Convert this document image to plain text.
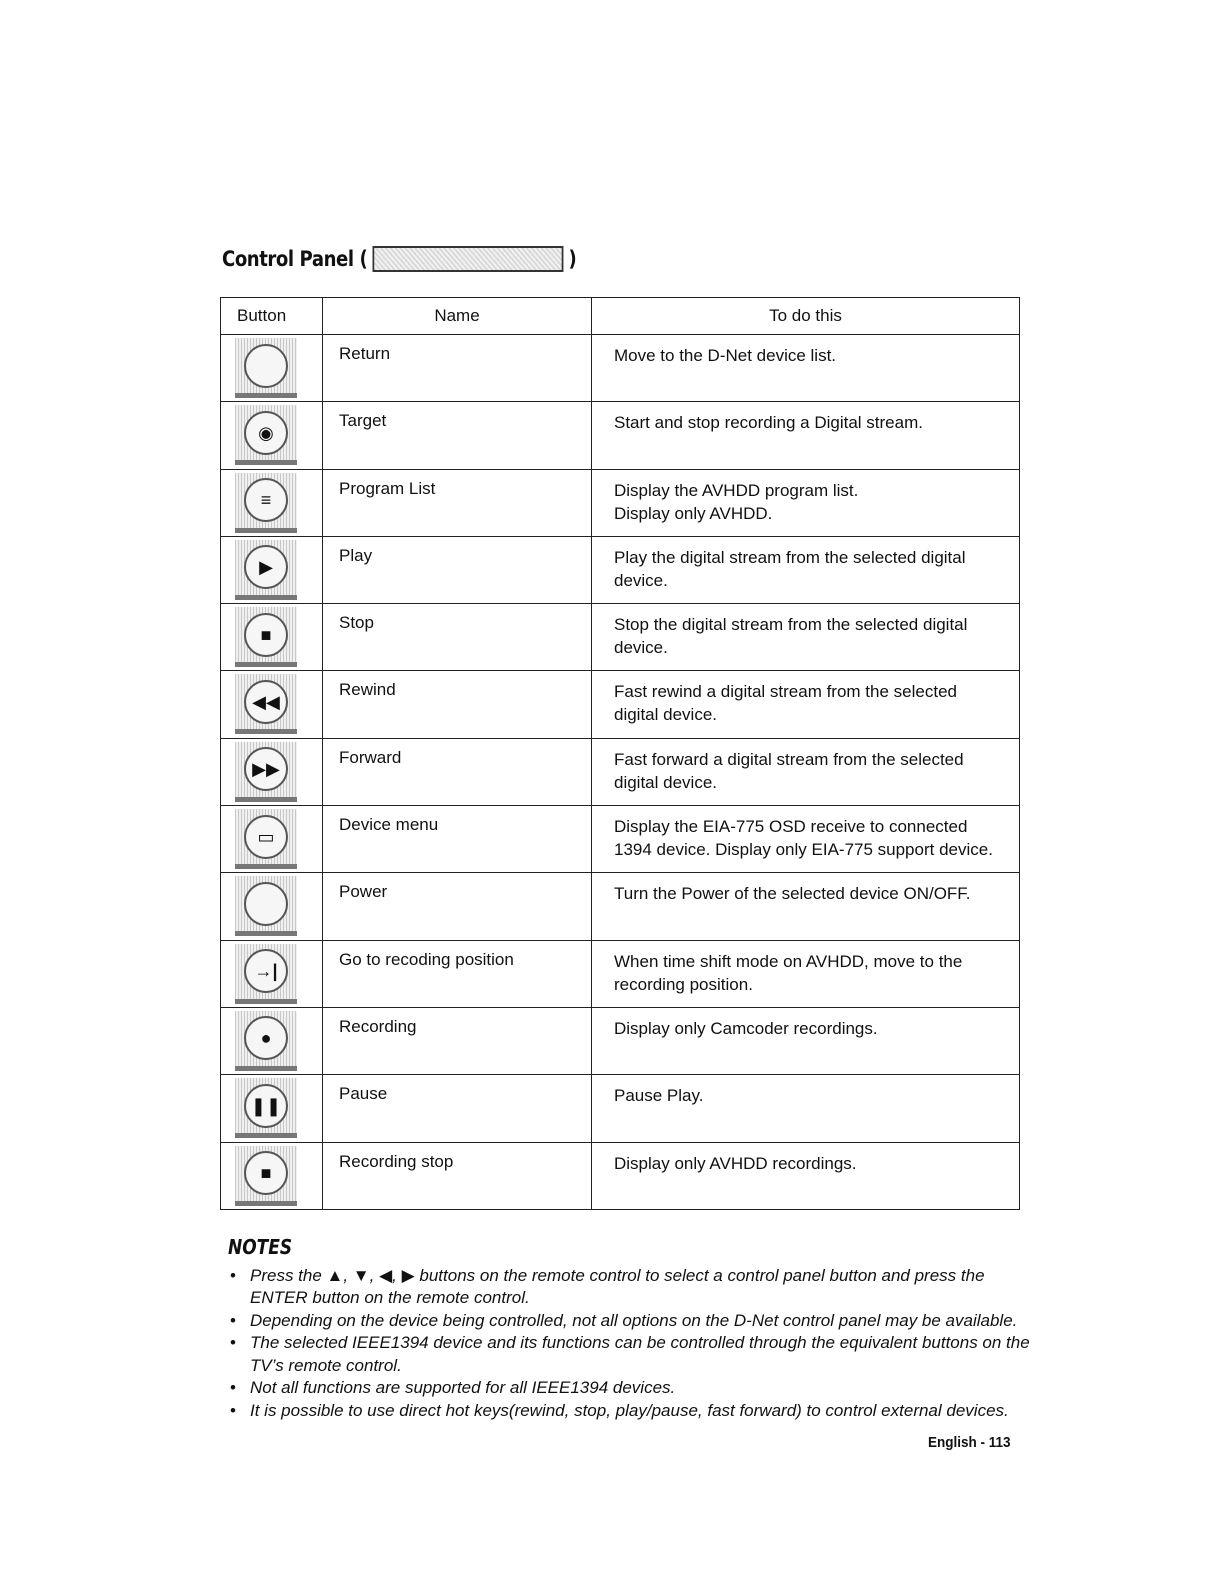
Control Panel (	)
Button	Name	To do this

	Return	Move to the D-Net device list.

◉	Target	Start and stop recording a Digital stream.

≡	Program List	Display the AVHDD program list.
Display only AVHDD.

▶	Play	Play the digital stream from the selected digital
device.

■	Stop	Stop the digital stream from the selected digital
device.

◀◀	Rewind	Fast rewind a digital stream from the selected
digital device.

▶▶	Forward	Fast forward a digital stream from the selected
digital device.

▭	Device menu	Display the EIA-775 OSD receive to connected
1394 device. Display only EIA-775 support device.

	Power	Turn the Power of the selected device ON/OFF.

→|	Go to recoding position	When time shift mode on AVHDD, move to the
recording position.

●	Recording	Display only Camcoder recordings.

❚❚	Pause	Pause Play.

■	Recording stop	Display only AVHDD recordings.
NOTES
• Press the ▲, ▼, ◀, ▶ buttons on the remote control to select a control panel button and press the
ENTER button on the remote control.
• Depending on the device being controlled, not all options on the D-Net control panel may be available.
• The selected IEEE1394 device and its functions can be controlled through the equivalent buttons on the
TV’s remote control.
• Not all functions are supported for all IEEE1394 devices.
• It is possible to use direct hot keys(rewind, stop, play/pause, fast forward) to control external devices.
English - 113
